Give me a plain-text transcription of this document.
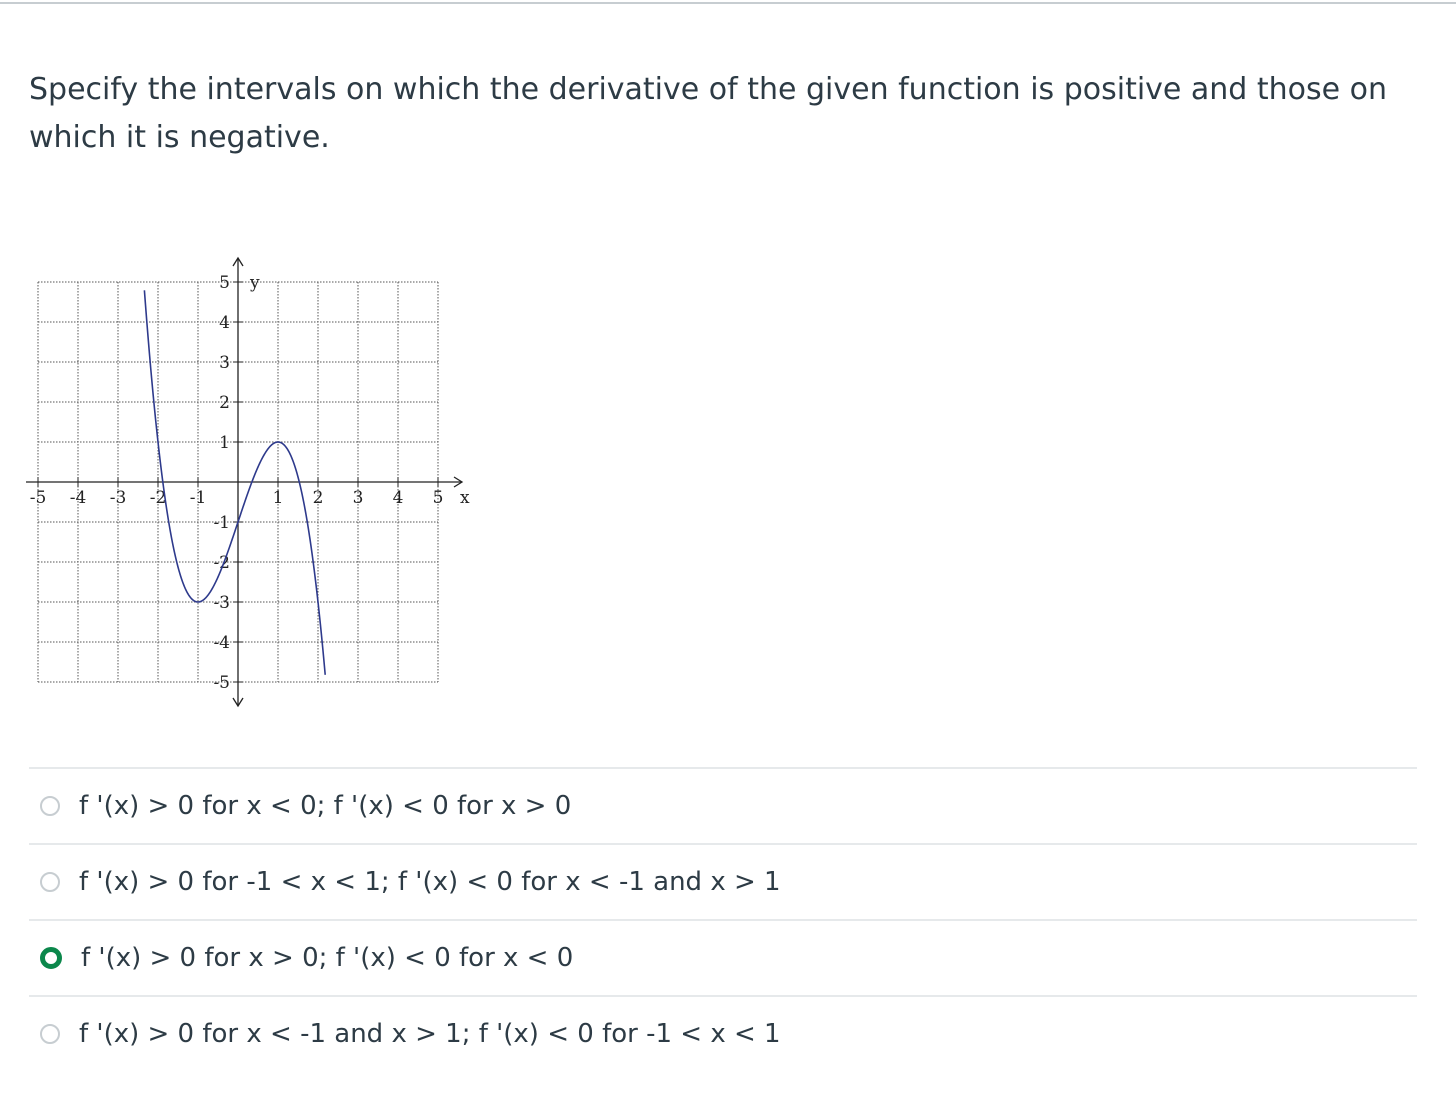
Specify the intervals on which the derivative of the given function is positive and those on which it is negative.
-5 -4 -3 -2 -1	1 2 3 4 5
5
4
3
2
1
-1
-2
-3
-4
-5
x
y
f '(x) > 0 for x < 0; f '(x) < 0 for x > 0
f '(x) > 0 for -1 < x < 1; f '(x) < 0 for x < -1 and x > 1
f '(x) > 0 for x > 0; f '(x) < 0 for x < 0
f '(x) > 0 for x < -1 and x > 1; f '(x) < 0 for -1 < x < 1
